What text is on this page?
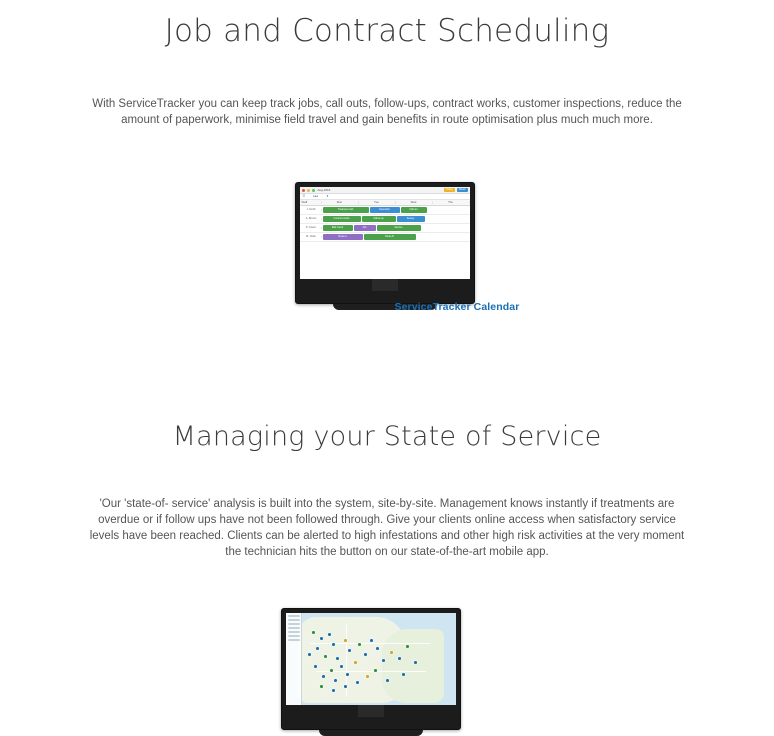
Job and Contract Scheduling

With ServiceTracker you can keep track jobs, call outs, follow-ups, contract works, customer inspections, reduce the amount of paperwork, minimise field travel and gain benefits in route optimisation plus much much more.

Aug 2016	Today	Week
☰	●●●	▼
Staff	Mon	Tue	Wed	Thu
J. Smith	Treatment visit	Inspection	Call out
A. Brown	Contract works	Follow-up	Survey
P. Green	Bait check	Job	Service
M. Clark	Route A	Route B
ServiceTracker Calendar
Managing your State of Service

'Our 'state-of- service' analysis is built into the system, site-by-site. Management knows instantly if treatments are overdue or if follow ups have not been followed through. Give your clients online access when satisfactory service levels have been reached. Clients can be alerted to high infestations and other high risk activities at the very moment the technician hits the button on our state-of-the-art mobile app.
